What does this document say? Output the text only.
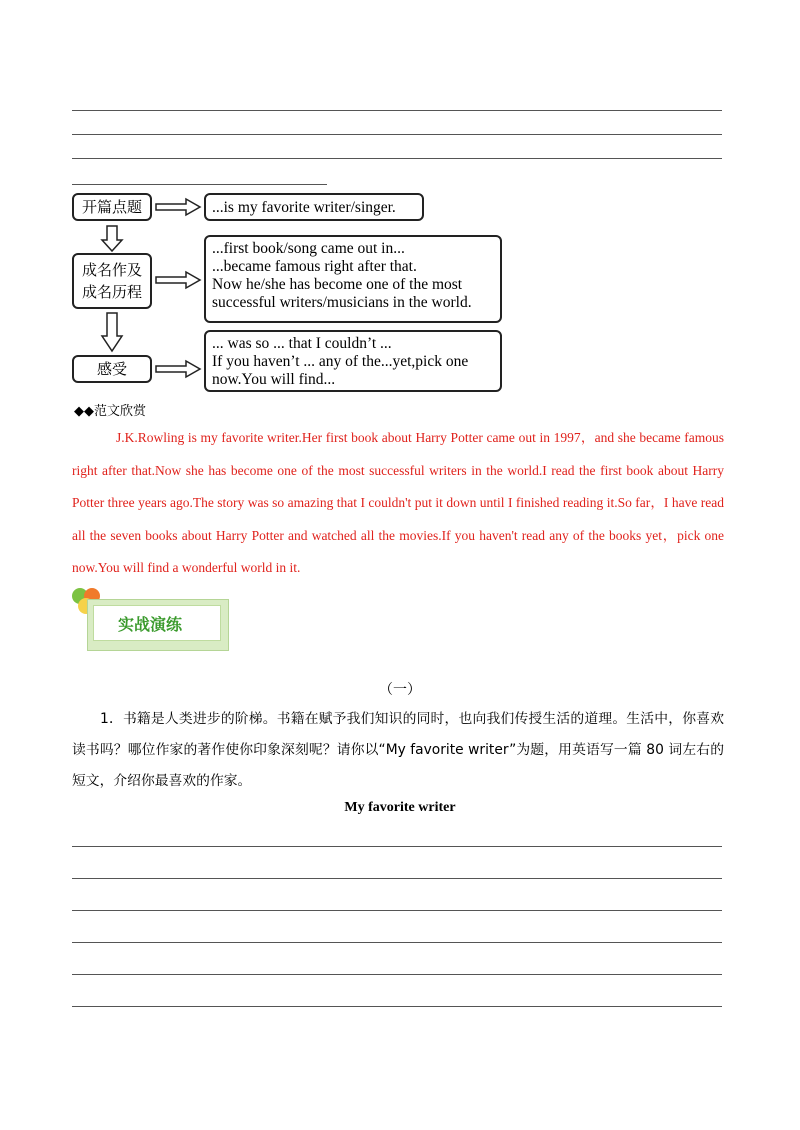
开篇点题	...is my favorite writer/singer.
成名作及
成名历程
...first book/song came out in...
...became famous right after that.
Now he/she has become one of the most
successful writers/musicians in the world.
感受
... was so ... that I couldn’t ...
If you haven’t ... any of the...yet,pick one
now.You will find...
◆◆范文欣赏
J.K.Rowling is my favorite writer.Her first book about Harry Potter came out in 1997，and she became famous right after that.Now she has become one of the most successful writers in the world.I read the first book about Harry Potter three years ago.The story was so amazing that I couldn't put it down until I finished reading it.So far，I have read all the seven books about Harry Potter and watched all the movies.If you haven't read any of the books yet，pick one now.You will find a wonderful world in it.
实战演练
（一）
1．书籍是人类进步的阶梯。书籍在赋予我们知识的同时，也向我们传授生活的道理。生活中，你喜欢读书吗？哪位作家的著作使你印象深刻呢？请你以“My favorite writer”为题，用英语写一篇 80 词左右的短文，介绍你最喜欢的作家。
My favorite writer
